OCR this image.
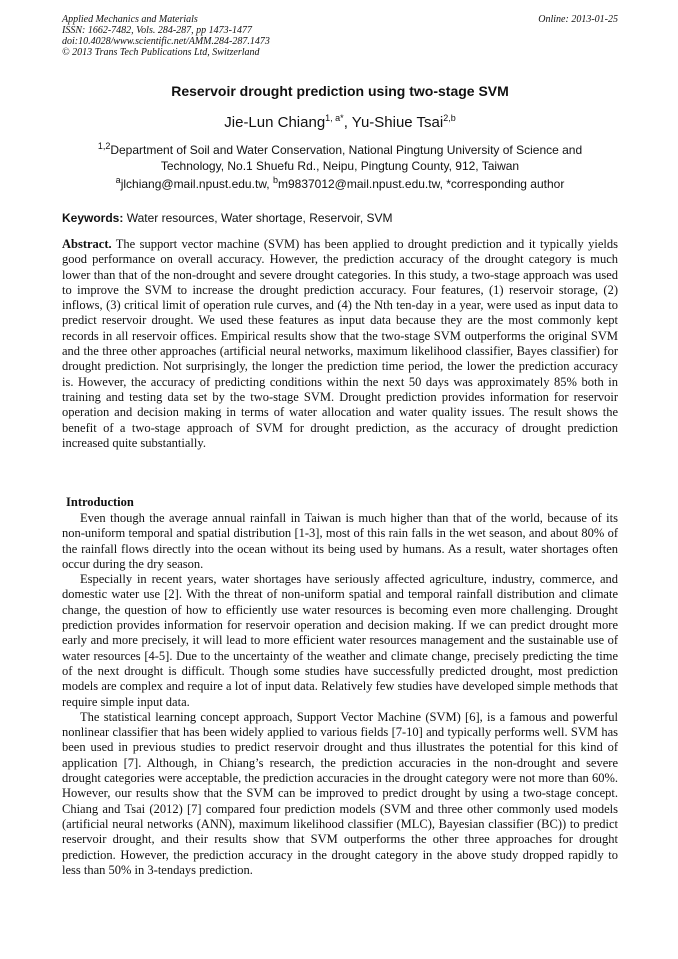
Applied Mechanics and Materials
ISSN: 1662-7482, Vols. 284-287, pp 1473-1477
doi:10.4028/www.scientific.net/AMM.284-287.1473
© 2013 Trans Tech Publications Ltd, Switzerland
Online: 2013-01-25
Reservoir drought prediction using two-stage SVM
Jie-Lun Chiang$^{1, a*}$, Yu-Shiue Tsai$^{2,b}$
$^{1,2}$Department of Soil and Water Conservation, National Pingtung University of Science and
Technology, No.1 Shuefu Rd., Neipu, Pingtung County, 912, Taiwan
$^a$jlchiang@mail.npust.edu.tw, $^b$m9837012@mail.npust.edu.tw, *corresponding author
Keywords: Water resources, Water shortage, Reservoir, SVM

Abstract. The support vector machine (SVM) has been applied to drought prediction and it typically yields good performance on overall accuracy. However, the prediction accuracy of the drought category is much lower than that of the non-drought and severe drought categories. In this study, a two-stage approach was used to improve the SVM to increase the drought prediction accuracy. Four features, (1) reservoir storage, (2) inflows, (3) critical limit of operation rule curves, and (4) the Nth ten-day in a year, were used as input data to predict reservoir drought. We used these features as input data because they are the most commonly kept records in all reservoir offices. Empirical results show that the two-stage SVM outperforms the original SVM and the three other approaches (artificial neural networks, maximum likelihood classifier, Bayes classifier) for drought prediction. Not surprisingly, the longer the prediction time period, the lower the prediction accuracy is. However, the accuracy of predicting conditions within the next 50 days was approximately 85% both in training and testing data set by the two-stage SVM. Drought prediction provides information for reservoir operation and decision making in terms of water allocation and water quality issues. The result shows the benefit of a two-stage approach of SVM for drought prediction, as the accuracy of drought prediction increased quite substantially.

Introduction

Even though the average annual rainfall in Taiwan is much higher than that of the world, because of its non-uniform temporal and spatial distribution [1-3], most of this rain falls in the wet season, and about 80% of the rainfall flows directly into the ocean without its being used by humans. As a result, water shortages often occur during the dry season.

Especially in recent years, water shortages have seriously affected agriculture, industry, commerce, and domestic water use [2]. With the threat of non-uniform spatial and temporal rainfall distribution and climate change, the question of how to efficiently use water resources is becoming even more challenging. Drought prediction provides information for reservoir operation and decision making. If we can predict drought more early and more precisely, it will lead to more efficient water resources management and the sustainable use of water resources [4-5]. Due to the uncertainty of the weather and climate change, precisely predicting the time of the next drought is difficult. Though some studies have successfully predicted drought, most prediction models are complex and require a lot of input data. Relatively few studies have developed simple methods that require simple input data.

The statistical learning concept approach, Support Vector Machine (SVM) [6], is a famous and powerful nonlinear classifier that has been widely applied to various fields [7-10] and typically performs well. SVM has been used in previous studies to predict reservoir drought and thus illustrates the potential for this kind of application [7]. Although, in Chiang’s research, the prediction accuracies in the non-drought and severe drought categories were acceptable, the prediction accuracies in the drought category were not more than 60%. However, our results show that the SVM can be improved to predict drought by using a two-stage concept. Chiang and Tsai (2012) [7] compared four prediction models (SVM and three other commonly used models (artificial neural networks (ANN), maximum likelihood classifier (MLC), Bayesian classifier (BC)) to predict reservoir drought, and their results show that SVM outperforms the other three approaches for drought prediction. However, the prediction accuracy in the drought category in the above study dropped rapidly to less than 50% in 3-tendays prediction.
